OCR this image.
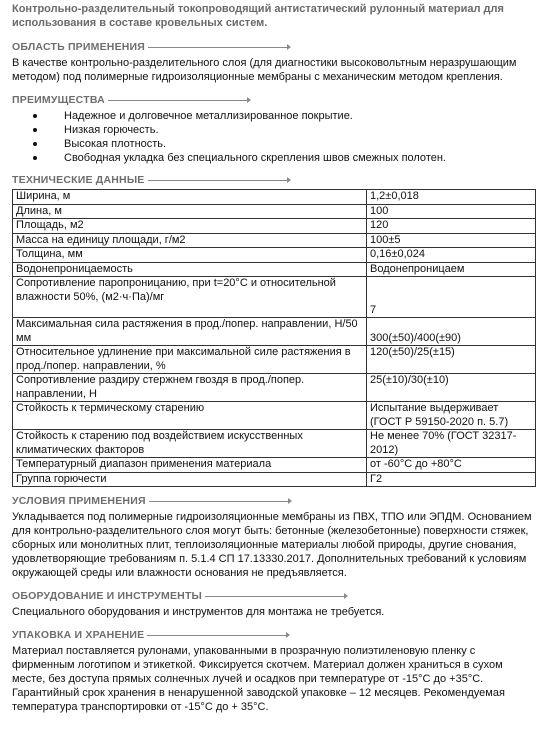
Контрольно-разделительный токопроводящий антистатический рулонный материал для использования в составе кровельных систем.

ОБЛАСТЬ ПРИМЕНЕНИЯ

В качестве контрольно-разделительного слоя (для диагностики высоковольтным неразрушающим методом) под полимерные гидроизоляционные мембраны с механическим методом крепления.

ПРЕИМУЩЕСТВА
Надежное и долговечное металлизированное покрытие.
Низкая горючесть.
Высокая плотность.
Свободная укладка без специального скрепления швов смежных полотен.
ТЕХНИЧЕСКИЕ ДАННЫЕ
Ширина, м	1,2±0,018
Длина, м	100
Площадь, м2	120
Масса на единицу площади, г/м2	100±5
Толщина, мм	0,16±0,024
Водонепроницаемость	Водонепроницаем
Сопротивление паропроницанию, при t=20°С и относительной влажности 50%, (м2·ч·Па)/мг	7
Максимальная сила растяжения в прод./попер. направлении, Н/50 мм	300(±50)/400(±90)
Относительное удлинение при максимальной силе растяжения в прод./попер. направлении, %	120(±50)/25(±15)
Сопротивление раздиру стержнем гвоздя в прод./попер. направлении, Н	25(±10)/30(±10)
Стойкость к термическому старению	Испытание выдерживает (ГОСТ Р 59150-2020 п. 5.7)
Стойкость к старению под воздействием искусственных климатических факторов	Не менее 70% (ГОСТ 32317-2012)
Температурный диапазон применения материала	от -60°С до +80°С
Группа горючести	Г2
УСЛОВИЯ ПРИМЕНЕНИЯ

Укладывается под полимерные гидроизоляционные мембраны из ПВХ, ТПО или ЭПДМ. Основанием для контрольно-разделительного слоя могут быть: бетонные (железобетонные) поверхности стяжек, сборных или монолитных плит, теплоизоляционные материалы любой природы, другие снования, удовлетворяющие требованиям п. 5.1.4 СП 17.13330.2017. Дополнительных требований к условиям окружающей среды или влажности основания не предъявляется.

ОБОРУДОВАНИЕ И ИНСТРУМЕНТЫ

Специального оборудования и инструментов для монтажа не требуется.

УПАКОВКА И ХРАНЕНИЕ

Материал поставляется рулонами, упакованными в прозрачную полиэтиленовую пленку с фирменным логотипом и этикеткой. Фиксируется скотчем. Материал должен храниться в сухом месте, без доступа прямых солнечных лучей и осадков при температуре от -15°С до +35°С. Гарантийный срок хранения в ненарушенной заводской упаковке – 12 месяцев. Рекомендуемая температура транспортировки от -15°С до + 35°С.
